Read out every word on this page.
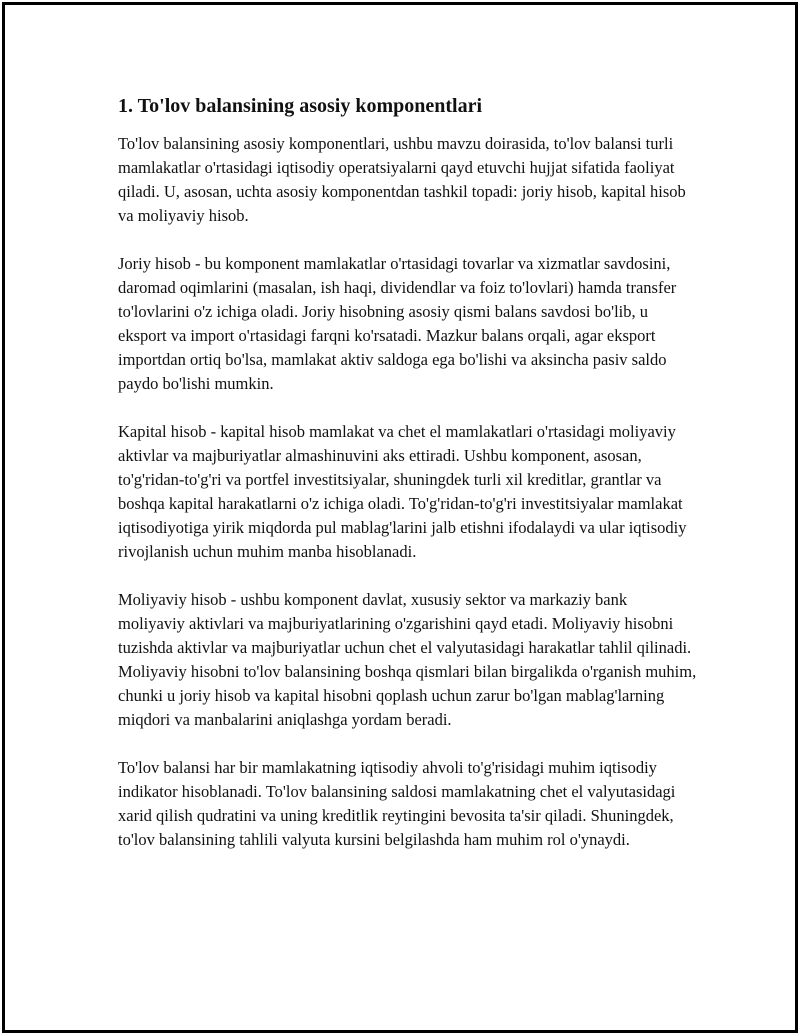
1. To'lov balansining asosiy komponentlari

To'lov balansining asosiy komponentlari, ushbu mavzu doirasida, to'lov balansi turli mamlakatlar o'rtasidagi iqtisodiy operatsiyalarni qayd etuvchi hujjat sifatida faoliyat qiladi. U, asosan, uchta asosiy komponentdan tashkil topadi: joriy hisob, kapital hisob va moliyaviy hisob.

Joriy hisob - bu komponent mamlakatlar o'rtasidagi tovarlar va xizmatlar savdosini, daromad oqimlarini (masalan, ish haqi, dividendlar va foiz to'lovlari) hamda transfer to'lovlarini o'z ichiga oladi. Joriy hisobning asosiy qismi balans savdosi bo'lib, u eksport va import o'rtasidagi farqni ko'rsatadi. Mazkur balans orqali, agar eksport importdan ortiq bo'lsa, mamlakat aktiv saldoga ega bo'lishi va aksincha pasiv saldo paydo bo'lishi mumkin.

Kapital hisob - kapital hisob mamlakat va chet el mamlakatlari o'rtasidagi moliyaviy aktivlar va majburiyatlar almashinuvini aks ettiradi. Ushbu komponent, asosan, to'g'ridan-to'g'ri va portfel investitsiyalar, shuningdek turli xil kreditlar, grantlar va boshqa kapital harakatlarni o'z ichiga oladi. To'g'ridan-to'g'ri investitsiyalar mamlakat iqtisodiyotiga yirik miqdorda pul mablag'larini jalb etishni ifodalaydi va ular iqtisodiy rivojlanish uchun muhim manba hisoblanadi.

Moliyaviy hisob - ushbu komponent davlat, xususiy sektor va markaziy bank moliyaviy aktivlari va majburiyatlarining o'zgarishini qayd etadi. Moliyaviy hisobni tuzishda aktivlar va majburiyatlar uchun chet el valyutasidagi harakatlar tahlil qilinadi. Moliyaviy hisobni to'lov balansining boshqa qismlari bilan birgalikda o'rganish muhim, chunki u joriy hisob va kapital hisobni qoplash uchun zarur bo'lgan mablag'larning miqdori va manbalarini aniqlashga yordam beradi.

To'lov balansi har bir mamlakatning iqtisodiy ahvoli to'g'risidagi muhim iqtisodiy indikator hisoblanadi. To'lov balansining saldosi mamlakatning chet el valyutasidagi xarid qilish qudratini va uning kreditlik reytingini bevosita ta'sir qiladi. Shuningdek, to'lov balansining tahlili valyuta kursini belgilashda ham muhim rol o'ynaydi.
